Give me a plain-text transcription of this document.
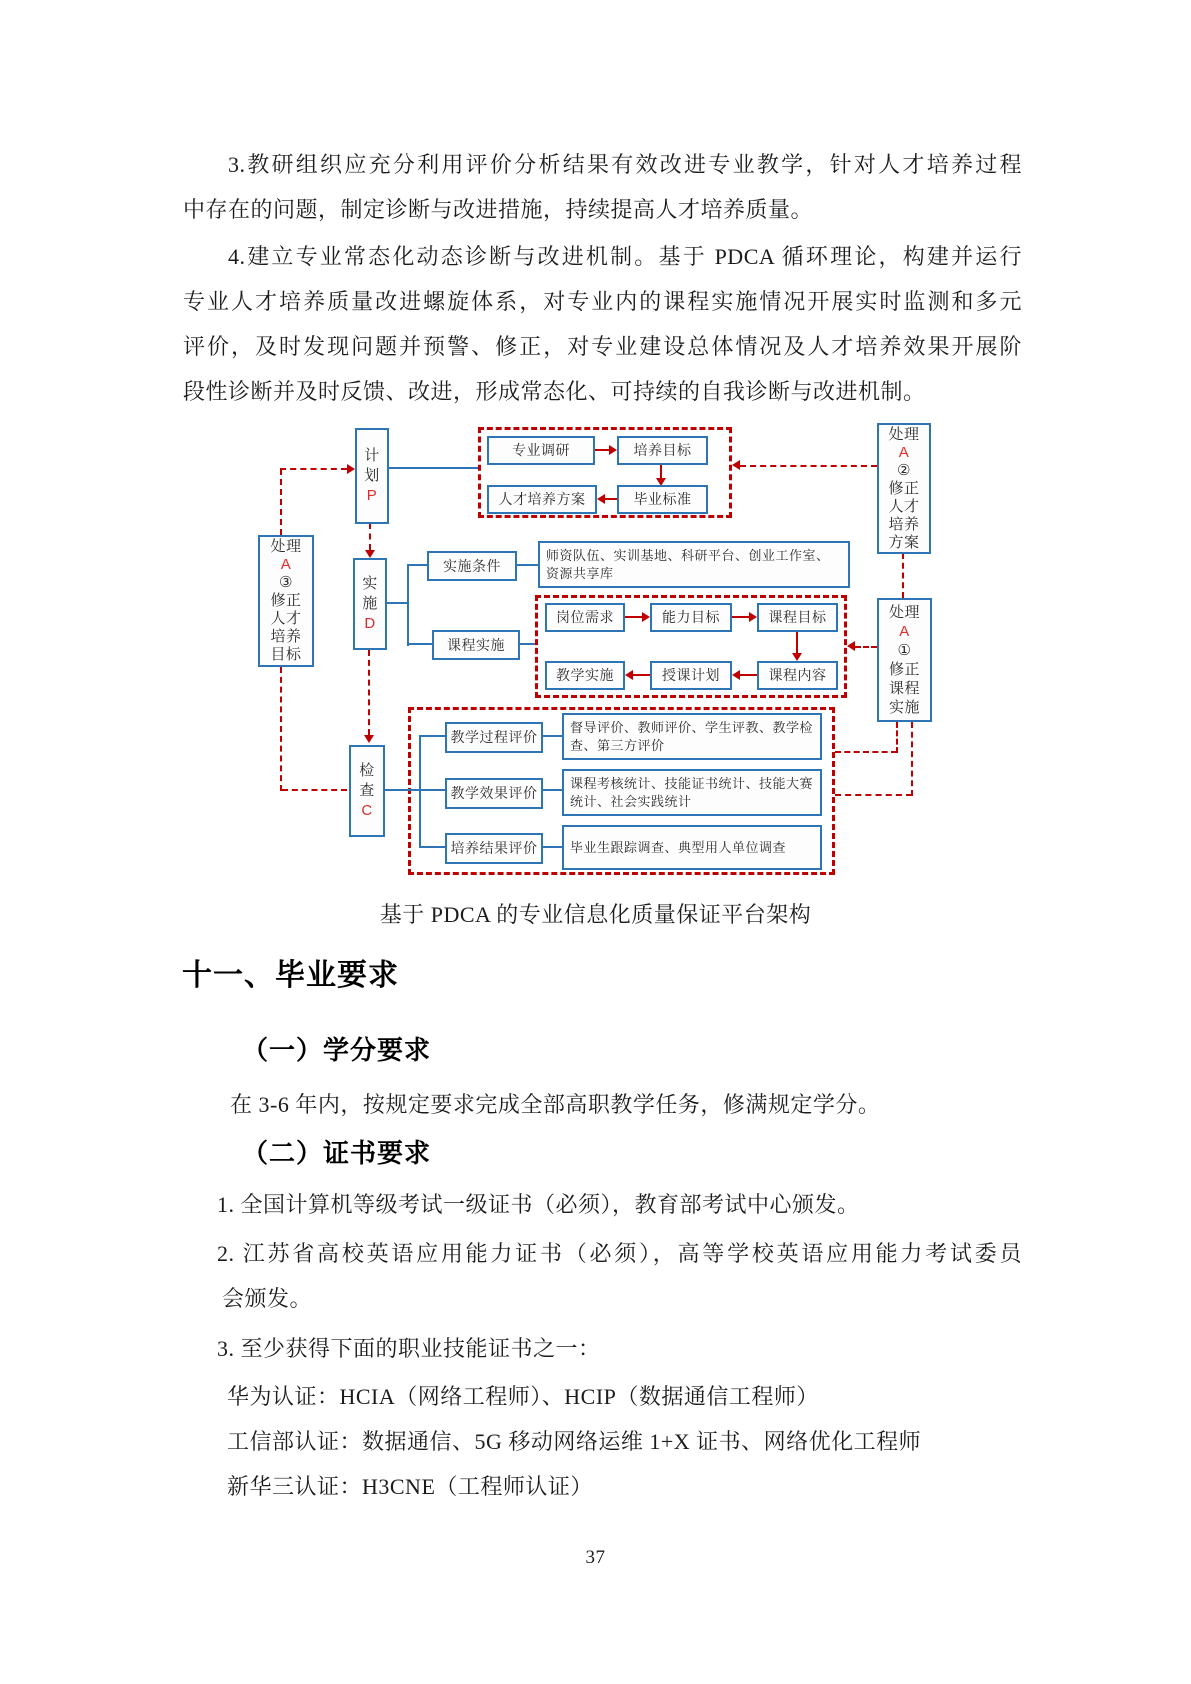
3.教研组织应充分利用评价分析结果有效改进专业教学，针对人才培养过程
中存在的问题，制定诊断与改进措施，持续提高人才培养质量。
4.建立专业常态化动态诊断与改进机制。基于 PDCA 循环理论，构建并运行
专业人才培养质量改进螺旋体系，对专业内的课程实施情况开展实时监测和多元
评价，及时发现问题并预警、修正，对专业建设总体情况及人才培养效果开展阶
段性诊断并及时反馈、改进，形成常态化、可持续的自我诊断与改进机制。
计
划
P
实
施
D
检
查
C
处理
A
③
修正
人才
培养
目标
处理
A
②
修正
人才
培养
方案
处理
A
①
修正
课程
实施
专业调研	培养目标
人才培养方案	毕业标准
实施条件
师资队伍、实训基地、科研平台、创业工作室、资源共享库
课程实施
岗位需求	能力目标	课程目标
教学实施	授课计划	课程内容
教学过程评价
督导评价、教师评价、学生评教、教学检查、第三方评价
教学效果评价
课程考核统计、技能证书统计、技能大赛统计、社会实践统计
培养结果评价	毕业生跟踪调查、典型用人单位调查
基于 PDCA 的专业信息化质量保证平台架构
十一、毕业要求
（一）学分要求
在 3-6 年内，按规定要求完成全部高职教学任务，修满规定学分。
（二）证书要求
1. 全国计算机等级考试一级证书（必须），教育部考试中心颁发。
2. 江苏省高校英语应用能力证书（必须），高等学校英语应用能力考试委员
会颁发。
3. 至少获得下面的职业技能证书之一：
华为认证：HCIA（网络工程师）、HCIP（数据通信工程师）
工信部认证：数据通信、5G 移动网络运维 1+X 证书、网络优化工程师
新华三认证：H3CNE（工程师认证）
37
